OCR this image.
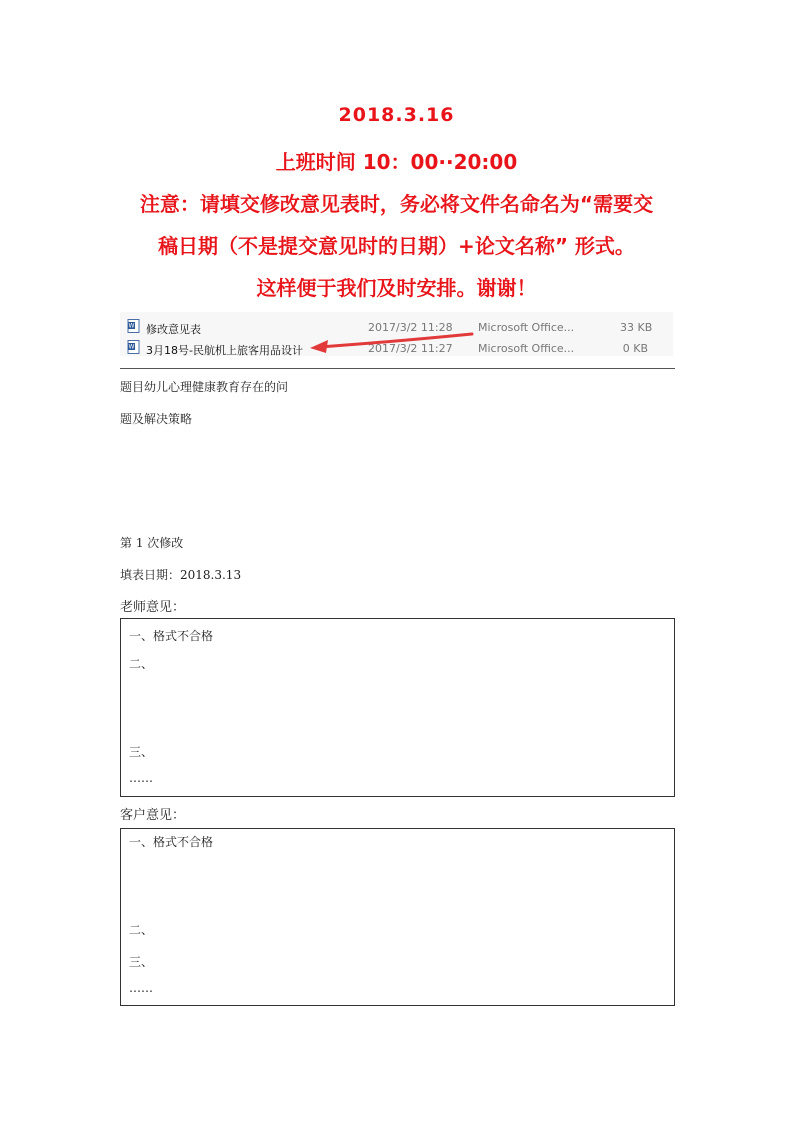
2018.3.16
上班时间 10：00··20:00
注意：请填交修改意见表时，务必将文件名命名为“需要交
稿日期（不是提交意见时的日期）+论文名称” 形式。
这样便于我们及时安排。谢谢！
W 修改意见表	2017/3/2 11:28 Microsoft Office...	33 KB
W 3月18号-民航机上旅客用品设计	2017/3/2 11:27 Microsoft Office...	0 KB
题目幼儿心理健康教育存在的问
题及解决策略
第 1 次修改
填表日期：2018.3.13
老师意见：
一、格式不合格
二、
三、
……
客户意见：
一、格式不合格
二、
三、
……
